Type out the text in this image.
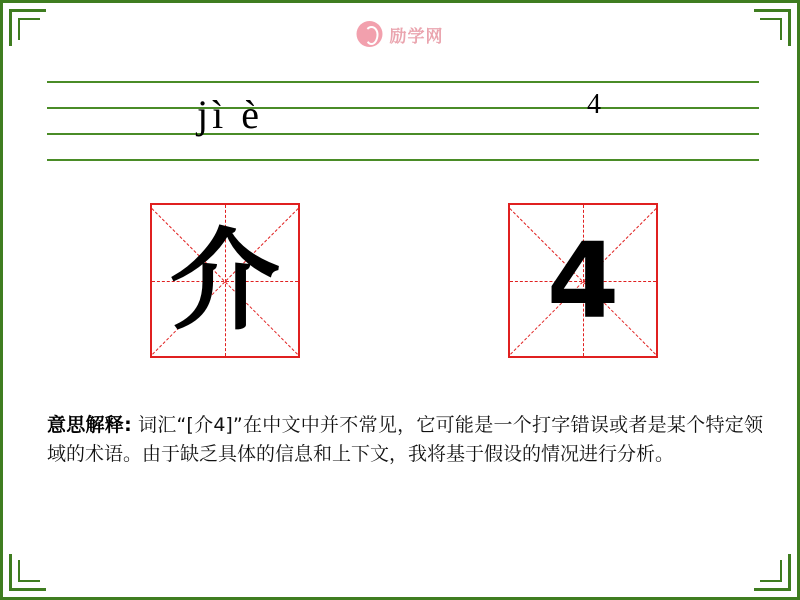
励学网
jì è	4
介	4
意思解释: 词汇“[介4]”在中文中并不常见，它可能是一个打字错误或者是某个特定领域的术语。由于缺乏具体的信息和上下文，我将基于假设的情况进行分析。
